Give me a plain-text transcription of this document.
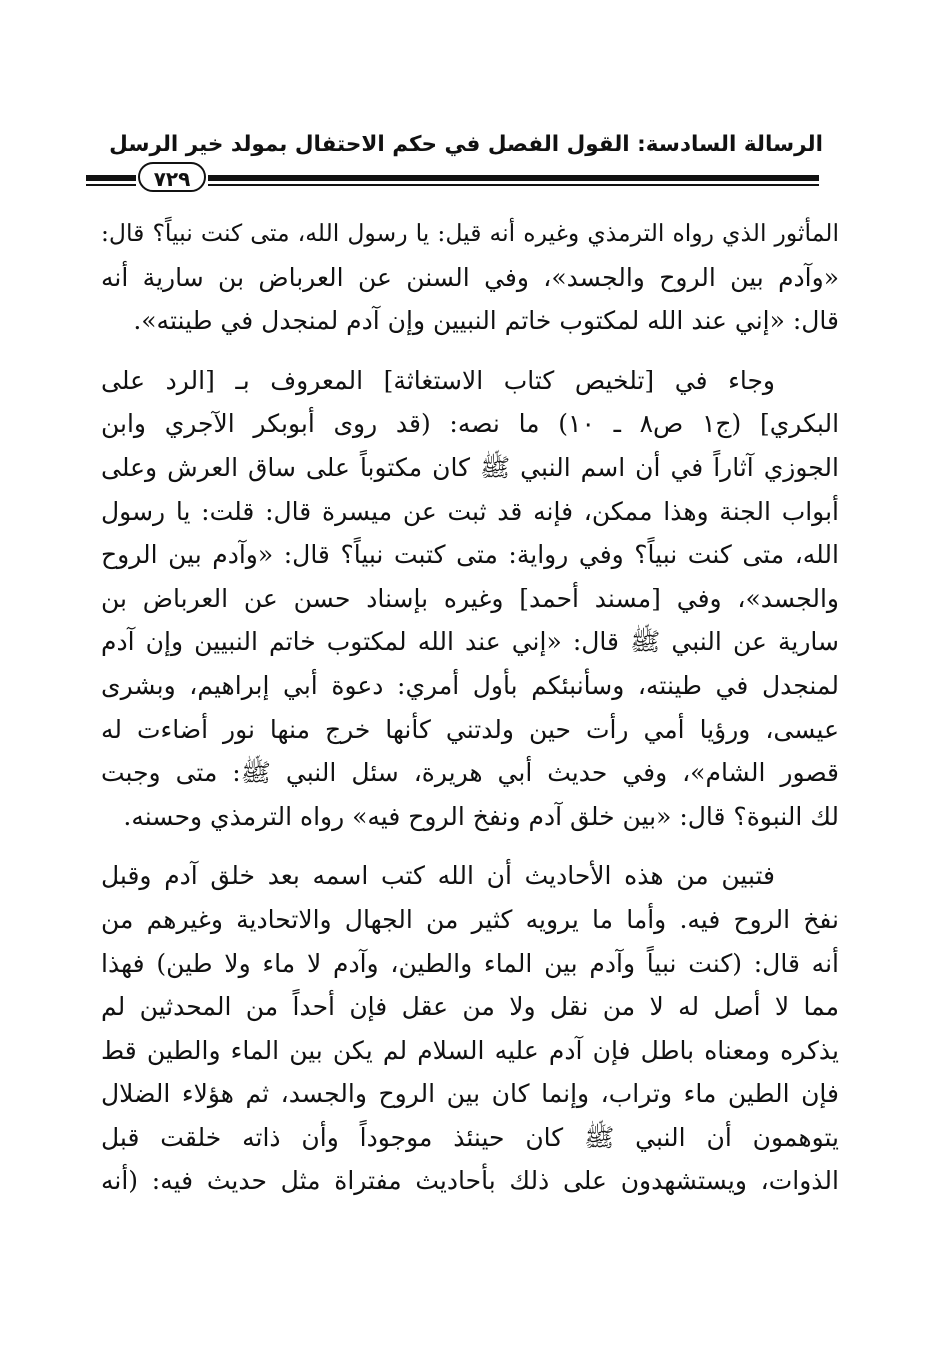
الرسالة السادسة: القول الفصل في حكم الاحتفال بمولد خير الرسل
٧٢٩
المأثور الذي رواه الترمذي وغيره أنه قيل: يا رسول الله، متى كنت نبياً؟ قال:
«وآدم بين الروح والجسد»، وفي السنن عن العرباض بن سارية أنه
قال: «إني عند الله لمكتوب خاتم النبيين وإن آدم لمنجدل في طينته».
وجاء في [تلخيص كتاب الاستغاثة] المعروف بـ [الرد على
البكري] (ج١ ص٨ ـ ١٠) ما نصه: (قد روى أبوبكر الآجري وابن
الجوزي آثاراً في أن اسم النبي ﷺ كان مكتوباً على ساق العرش وعلى
أبواب الجنة وهذا ممكن، فإنه قد ثبت عن ميسرة قال: قلت: يا رسول
الله، متى كنت نبياً؟ وفي رواية: متى كتبت نبياً؟ قال: «وآدم بين الروح
والجسد»، وفي [مسند أحمد] وغيره بإسناد حسن عن العرباض بن
سارية عن النبي ﷺ قال: «إني عند الله لمكتوب خاتم النبيين وإن آدم
لمنجدل في طينته، وسأنبئكم بأول أمري: دعوة أبي إبراهيم، وبشرى
عيسى، ورؤيا أمي رأت حين ولدتني كأنها خرج منها نور أضاءت له
قصور الشام»، وفي حديث أبي هريرة، سئل النبي ﷺ: متى وجبت
لك النبوة؟ قال: «بين خلق آدم ونفخ الروح فيه» رواه الترمذي وحسنه.
فتبين من هذه الأحاديث أن الله كتب اسمه بعد خلق آدم وقبل
نفخ الروح فيه. وأما ما يرويه كثير من الجهال والاتحادية وغيرهم من
أنه قال: (كنت نبياً وآدم بين الماء والطين، وآدم لا ماء ولا طين) فهذا
مما لا أصل له لا من نقل ولا من عقل فإن أحداً من المحدثين لم
يذكره ومعناه باطل فإن آدم عليه السلام لم يكن بين الماء والطين قط
فإن الطين ماء وتراب، وإنما كان بين الروح والجسد، ثم هؤلاء الضلال
يتوهمون أن النبي ﷺ كان حينئذ موجوداً وأن ذاته خلقت قبل
الذوات، ويستشهدون على ذلك بأحاديث مفتراة مثل حديث فيه: (أنه
